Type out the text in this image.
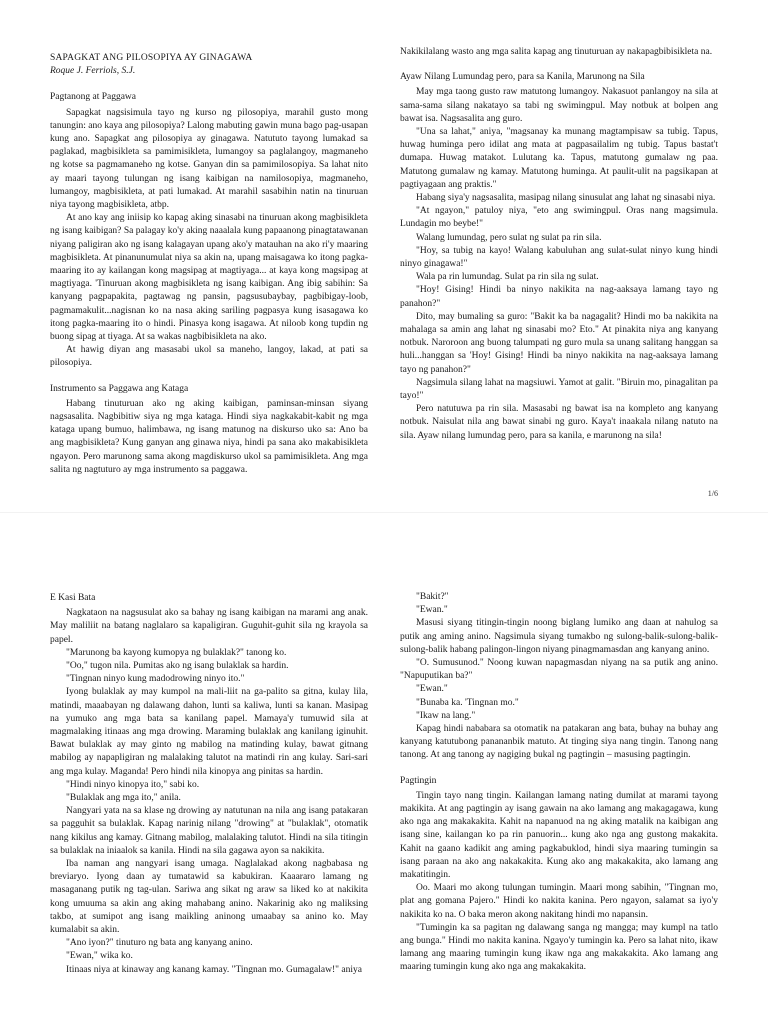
SAPAGKAT ANG PILOSOPIYA AY GINAGAWA
Roque J. Ferriols, S.J.
Pagtanong at Paggawa

Sapagkat nagsisimula tayo ng kurso ng pilosopiya, marahil gusto mong tanungin: ano kaya ang pilosopiya? Lalong mabuting gawin muna bago pag-usapan kung ano. Sapagkat ang pilosopiya ay ginagawa. Natututo tayong lumakad sa paglakad, magbisikleta sa pamimisikleta, lumangoy sa paglalangoy, magmaneho ng kotse sa pagmamaneho ng kotse. Ganyan din sa pamimilosopiya. Sa lahat nito ay maari tayong tulungan ng isang kaibigan na namilosopiya, magmaneho, lumangoy, magbisikleta, at pati lumakad. At marahil sasabihin natin na tinuruan niya tayong magbisikleta, atbp.

At ano kay ang iniisip ko kapag aking sinasabi na tinuruan akong magbisikleta ng isang kaibigan? Sa palagay ko'y aking naaalala kung papaanong pinagtatawanan niyang paligiran ako ng isang kalagayan upang ako'y matauhan na ako ri'y maaring magbisikleta. At pinanunumulat niya sa akin na, upang maisagawa ko itong pagka-maaring ito ay kailangan kong magsipag at magtiyaga... at kaya kong magsipag at magtiyaga. 'Tinuruan akong magbisikleta ng isang kaibigan. Ang ibig sabihin: Sa kanyang pagpapakita, pagtawag ng pansin, pagsusubaybay, pagbibigay-loob, pagmamakulit...nagisnan ko na nasa aking sariling pagpasya kung isasagawa ko itong pagka-maaring ito o hindi. Pinasya kong isagawa. At niloob kong tupdin ng buong sipag at tiyaga. At sa wakas nagbibisikleta na ako.

At hawig diyan ang masasabi ukol sa maneho, langoy, lakad, at pati sa pilosopiya.

Instrumento sa Paggawa ang Kataga

Habang tinuturuan ako ng aking kaibigan, paminsan-minsan siyang nagsasalita. Nagbibitiw siya ng mga kataga. Hindi siya nagkakabit-kabit ng mga kataga upang bumuo, halimbawa, ng isang matunog na diskurso uko sa: Ano ba ang magbisikleta? Kung ganyan ang ginawa niya, hindi pa sana ako makabisikleta ngayon. Pero marunong sama akong magdiskurso ukol sa pamimisikleta. Ang mga salita ng nagtuturo ay mga instrumento sa paggawa.

Nakikilalang wasto ang mga salita kapag ang tinuturuan ay nakapagbibisikleta na.

Ayaw Nilang Lumundag pero, para sa Kanila, Marunong na Sila

May mga taong gusto raw matutong lumangoy. Nakasuot panlangoy na sila at sama-sama silang nakatayo sa tabi ng swimingpul. May notbuk at bolpen ang bawat isa. Nagsasalita ang guro.

"Una sa lahat," aniya, "magsanay ka munang magtampisaw sa tubig. Tapus, huwag huminga pero idilat ang mata at pagpasailalim ng tubig. Tapus bastat't dumapa. Huwag matakot. Lulutang ka. Tapus, matutong gumalaw ng paa. Matutong gumalaw ng kamay. Matutong huminga. At paulit-ulit na pagsikapan at pagtiyagaan ang praktis."

Habang siya'y nagsasalita, masipag nilang sinusulat ang lahat ng sinasabi niya.

"At ngayon," patuloy niya, "eto ang swimingpul. Oras nang magsimula. Lundagin mo beybe!"

Walang lumundag, pero sulat ng sulat pa rin sila.

"Hoy, sa tubig na kayo! Walang kabuluhan ang sulat-sulat ninyo kung hindi ninyo ginagawa!"

Wala pa rin lumundag. Sulat pa rin sila ng sulat.

"Hoy! Gising! Hindi ba ninyo nakikita na nag-aaksaya lamang tayo ng panahon?"

Dito, may bumaling sa guro: "Bakit ka ba nagagalit? Hindi mo ba nakikita na mahalaga sa amin ang lahat ng sinasabi mo? Eto." At pinakita niya ang kanyang notbuk. Naroroon ang buong talumpati ng guro mula sa unang salitang hanggan sa huli...hanggan sa 'Hoy! Gising! Hindi ba ninyo nakikita na nag-aaksaya lamang tayo ng panahon?"

Nagsimula silang lahat na magsiuwi. Yamot at galit. "Biruin mo, pinagalitan pa tayo!"

Pero natutuwa pa rin sila. Masasabi ng bawat isa na kompleto ang kanyang notbuk. Naisulat nila ang bawat sinabi ng guro. Kaya't inaakala nilang natuto na sila. Ayaw nilang lumundag pero, para sa kanila, e marunong na sila!

1/6
E Kasi Bata

Nagkataon na nagsusulat ako sa bahay ng isang kaibigan na marami ang anak. May maliliit na batang naglalaro sa kapaligiran. Guguhit-guhit sila ng krayola sa papel.

"Marunong ba kayong kumopya ng bulaklak?" tanong ko.

"Oo," tugon nila. Pumitas ako ng isang bulaklak sa hardin.

"Tingnan ninyo kung madodrowing ninyo ito."

Iyong bulaklak ay may kumpol na mali-liit na ga-palito sa gitna, kulay lila, matindi, maaabayan ng dalawang dahon, lunti sa kaliwa, lunti sa kanan. Masipag na yumuko ang mga bata sa kanilang papel. Mamaya'y tumuwid sila at magmalaking itinaas ang mga drowing. Maraming bulaklak ang kanilang iginuhit. Bawat bulaklak ay may ginto ng mabilog na matinding kulay, bawat gitnang mabilog ay napapligiran ng malalaking talutot na matindi rin ang kulay. Sari-sari ang mga kulay. Maganda! Pero hindi nila kinopya ang pinitas sa hardin.

"Hindi ninyo kinopya ito," sabi ko.

"Bulaklak ang mga ito," anila.

Nangyari yata na sa klase ng drowing ay natutunan na nila ang isang patakaran sa pagguhit sa bulaklak. Kapag narinig nilang "drowing" at "bulaklak", otomatik nang kikilus ang kamay. Gitnang mabilog, malalaking talutot. Hindi na sila titingin sa bulaklak na iniaalok sa kanila. Hindi na sila gagawa ayon sa nakikita.

Iba naman ang nangyari isang umaga. Naglalakad akong nagbabasa ng breviaryo. Iyong daan ay tumatawid sa kabukiran. Kaaararo lamang ng masaganang putik ng tag-ulan. Sariwa ang sikat ng araw sa liked ko at nakikita kong umuuma sa akin ang aking mahabang anino. Nakarinig ako ng maliksing takbo, at sumipot ang isang maikling aninong umaabay sa anino ko. May kumalabit sa akin.

"Ano iyon?" tinuturo ng bata ang kanyang anino.

"Ewan," wika ko.

Itinaas niya at kinaway ang kanang kamay. "Tingnan mo. Gumagalaw!" aniya

"Bakit?"

"Ewan."

Masusi siyang titingin-tingin noong biglang lumiko ang daan at nahulog sa putik ang aming anino. Nagsimula siyang tumakbo ng sulong-balik-sulong-balik-sulong-balik habang palingon-lingon niyang pinagmamasdan ang kanyang anino.

"O. Sumusunod." Noong kuwan napagmasdan niyang na sa putik ang anino. "Napuputikan ba?"

"Ewan."

"Bunaba ka. 'Tingnan mo."

"Ikaw na lang."

Kapag hindi nababara sa otomatik na patakaran ang bata, buhay na buhay ang kanyang katutubong panananbik matuto. At tinging siya nang tingin. Tanong nang tanong. At ang tanong ay nagiging bukal ng pagtingin – masusing pagtingin.

Pagtingin

Tingin tayo nang tingin. Kailangan lamang nating dumilat at marami tayong makikita. At ang pagtingin ay isang gawain na ako lamang ang makagagawa, kung ako nga ang makakakita. Kahit na napanuod na ng aking matalik na kaibigan ang isang sine, kailangan ko pa rin panuorin... kung ako nga ang gustong makakita. Kahit na gaano kadikit ang aming pagkabuklod, hindi siya maaring tumingin sa isang paraan na ako ang nakakakita. Kung ako ang makakakita, ako lamang ang makatitingin.

Oo. Maari mo akong tulungan tumingin. Maari mong sabihin, "Tingnan mo, plat ang gomana Pajero." Hindi ko nakita kanina. Pero ngayon, salamat sa iyo'y nakikita ko na. O baka meron akong nakitang hindi mo napansin.

"Tumingin ka sa pagitan ng dalawang sanga ng mangga; may kumpl na tatlo ang bunga." Hindi mo nakita kanina. Ngayo'y tumingin ka. Pero sa lahat nito, ikaw lamang ang maaring tumingin kung ikaw nga ang makakakita. Ako lamang ang maaring tumingin kung ako nga ang makakakita.
